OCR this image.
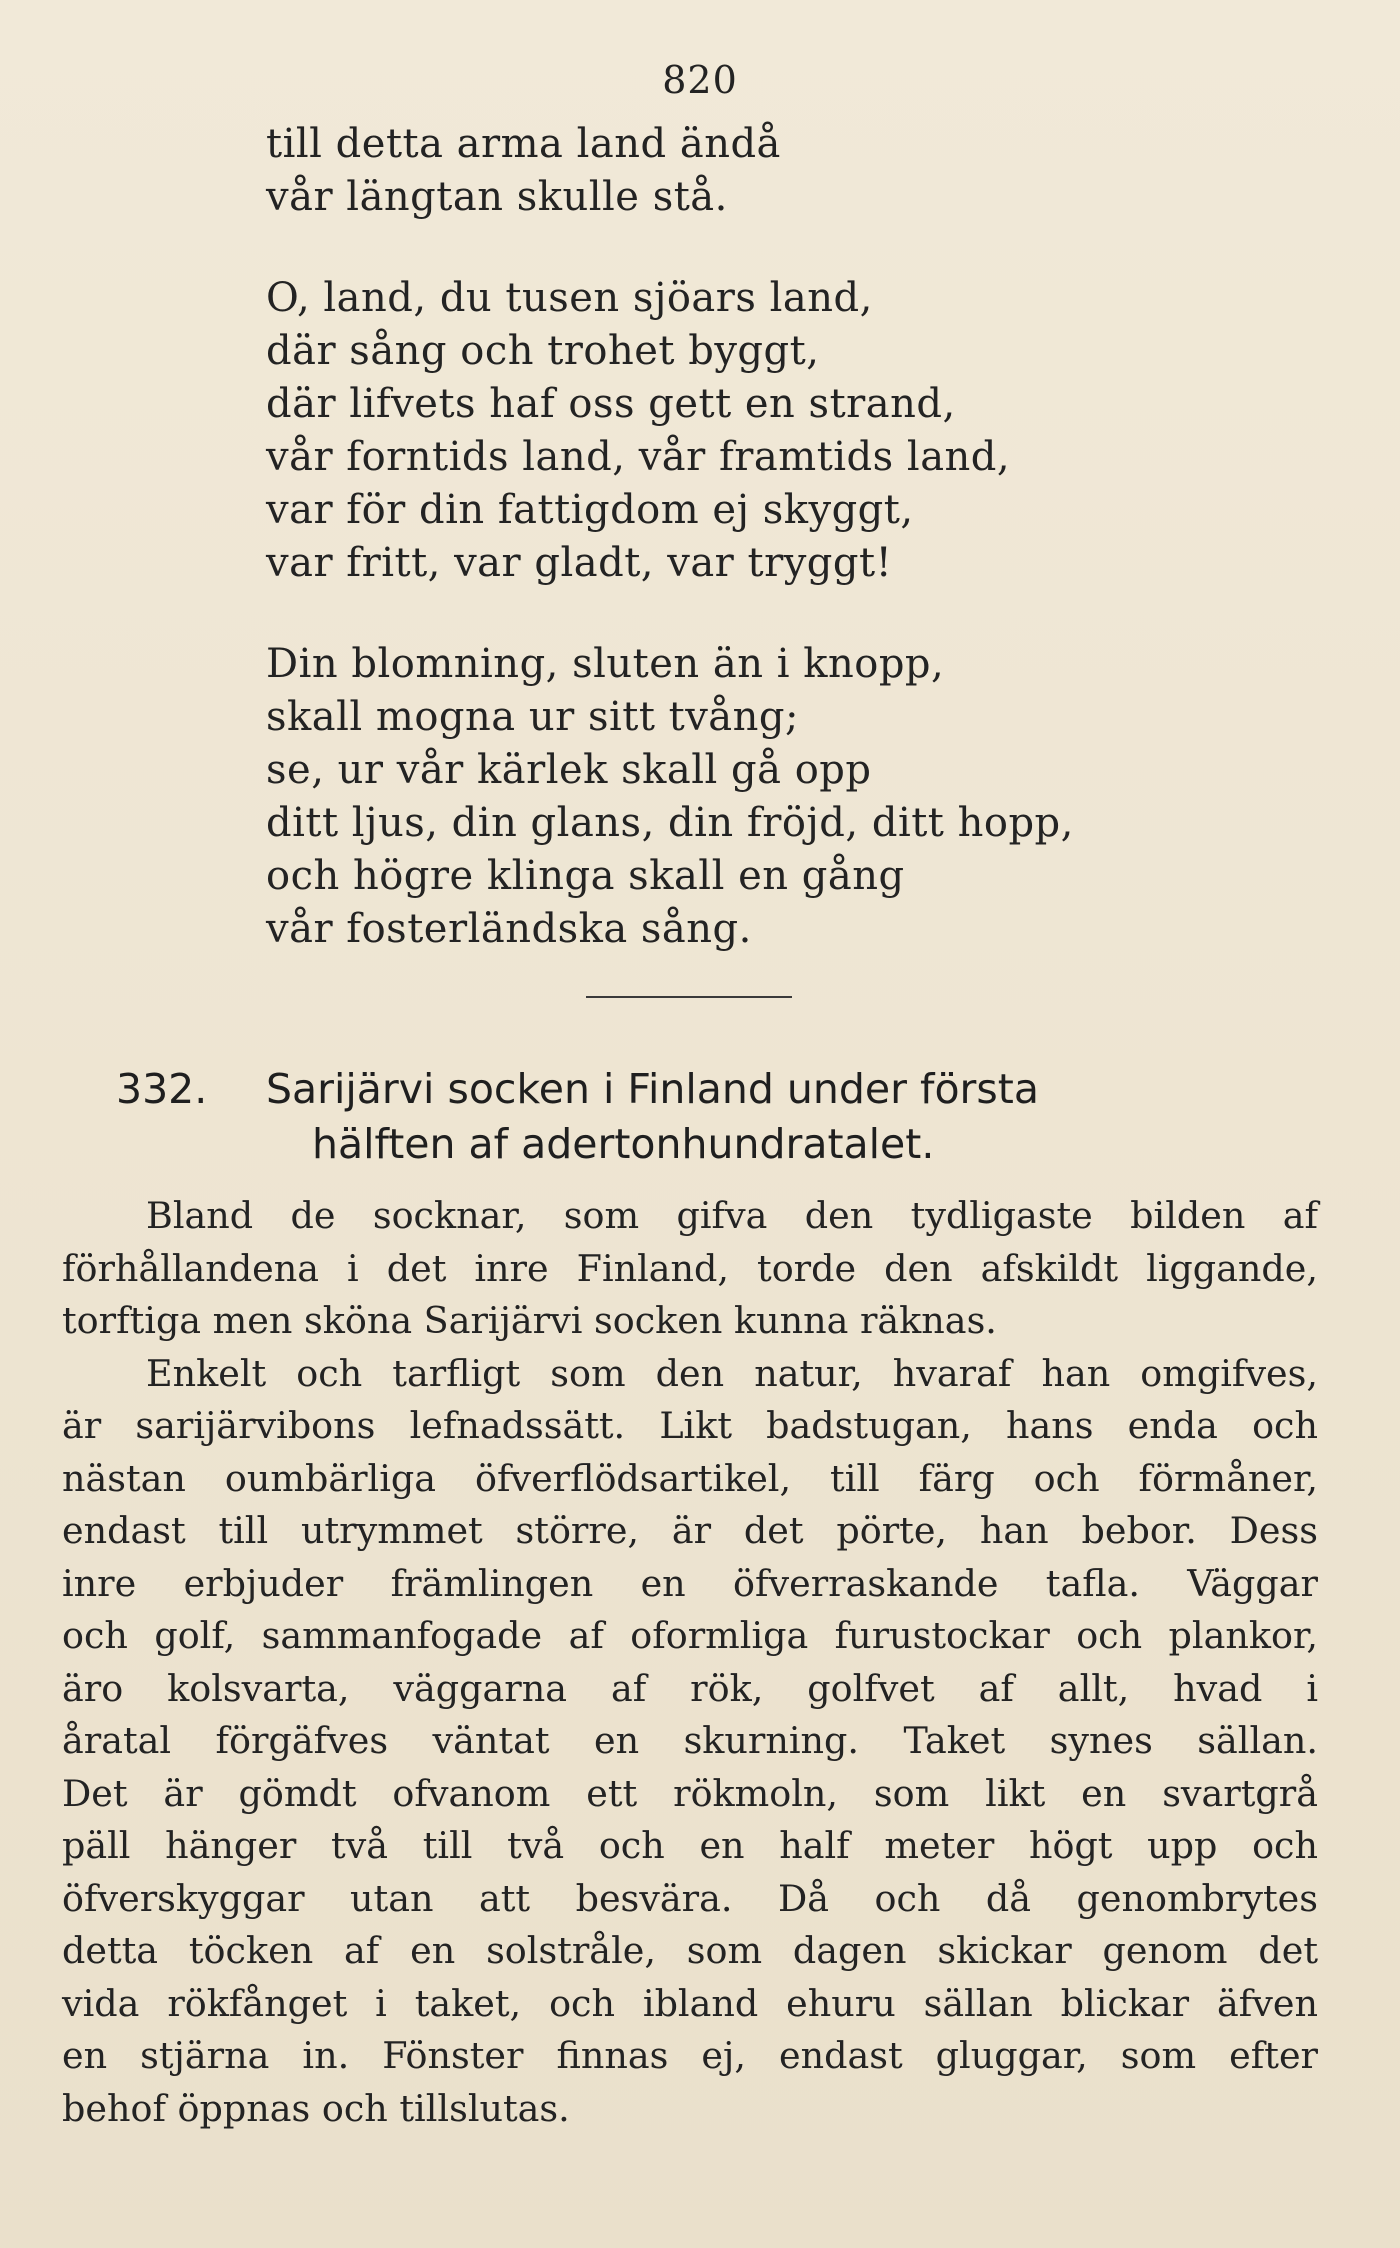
820
till detta arma land ändå
vår längtan skulle stå.
O, land, du tusen sjöars land,
där sång och trohet byggt,
där lifvets haf oss gett en strand,
vår forntids land, vår framtids land,
var för din fattigdom ej skyggt,
var fritt, var gladt, var tryggt!
Din blomning, sluten än i knopp,
skall mogna ur sitt tvång;
se, ur vår kärlek skall gå opp
ditt ljus, din glans, din fröjd, ditt hopp,
och högre klinga skall en gång
vår fosterländska sång.
332. Sarijärvi socken i Finland under första
hälften af adertonhundratalet.
Bland de socknar, som gifva den tydligaste bilden af
förhållandena i det inre Finland, torde den afskildt liggande,
torftiga men sköna Sarijärvi socken kunna räknas.
Enkelt och tarfligt som den natur, hvaraf han omgifves,
är sarijärvibons lefnadssätt. Likt badstugan, hans enda och
nästan oumbärliga öfverflödsartikel, till färg och förmåner,
endast till utrymmet större, är det pörte, han bebor. Dess
inre erbjuder främlingen en öfverraskande tafla. Väggar
och golf, sammanfogade af oformliga furustockar och plankor,
äro kolsvarta, väggarna af rök, golfvet af allt, hvad i
åratal förgäfves väntat en skurning. Taket synes sällan.
Det är gömdt ofvanom ett rökmoln, som likt en svartgrå
päll hänger två till två och en half meter högt upp och
öfverskyggar utan att besvära. Då och då genombrytes
detta töcken af en solstråle, som dagen skickar genom det
vida rökfånget i taket, och ibland ehuru sällan blickar äfven
en stjärna in. Fönster finnas ej, endast gluggar, som efter
behof öppnas och tillslutas.
